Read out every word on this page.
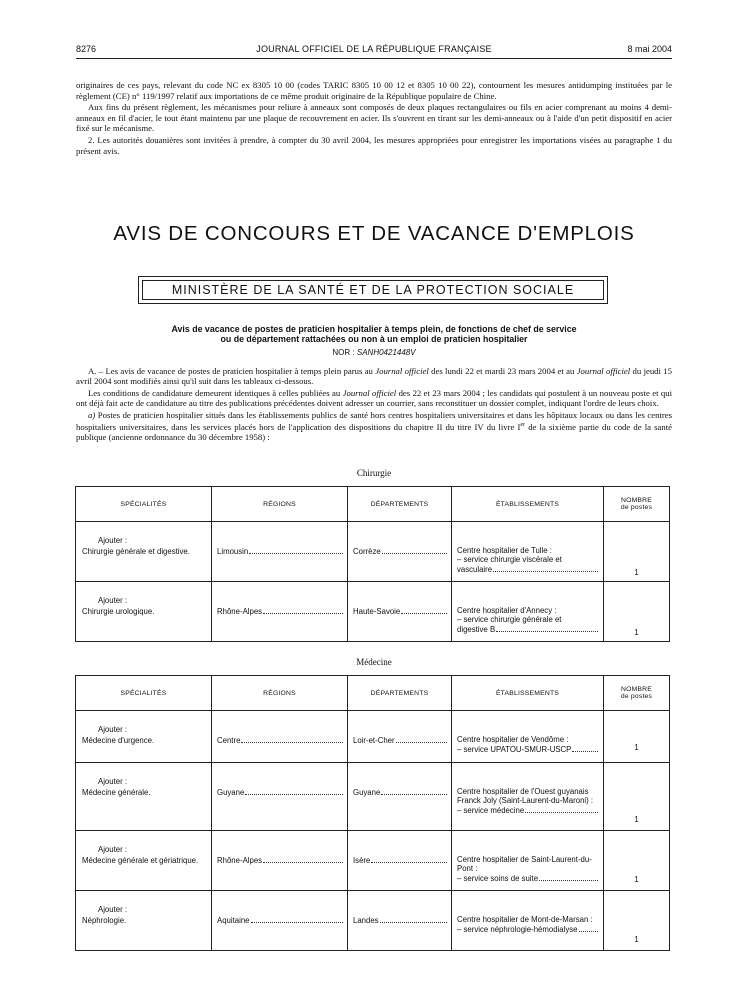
8276	JOURNAL OFFICIEL DE LA RÉPUBLIQUE FRANÇAISE	8 mai 2004

originaires de ces pays, relevant du code NC ex 8305 10 00 (codes TARIC 8305 10 00 12 et 8305 10 00 22), contournent les mesures antidumping instituées par le règlement (CE) n° 119/1997 relatif aux importations de ce même produit originaire de la République populaire de Chine.

Aux fins du présent règlement, les mécanismes pour reliure à anneaux sont composés de deux plaques rectangulaires ou fils en acier comprenant au moins 4 demi-anneaux en fil d'acier, le tout étant maintenu par une plaque de recouvrement en acier. Ils s'ouvrent en tirant sur les demi-anneaux ou à l'aide d'un petit dispositif en acier fixé sur le mécanisme.

2. Les autorités douanières sont invitées à prendre, à compter du 30 avril 2004, les mesures appropriées pour enregistrer les importations visées au paragraphe 1 du présent avis.

AVIS DE CONCOURS ET DE VACANCE D'EMPLOIS
MINISTÈRE DE LA SANTÉ ET DE LA PROTECTION SOCIALE
Avis de vacance de postes de praticien hospitalier à temps plein, de fonctions de chef de service
ou de département rattachées ou non à un emploi de praticien hospitalier
NOR : SANH0421448V

A. – Les avis de vacance de postes de praticien hospitalier à temps plein parus au Journal officiel des lundi 22 et mardi 23 mars 2004 et au Journal officiel du jeudi 15 avril 2004 sont modifiés ainsi qu'il suit dans les tableaux ci-dessous.

Les conditions de candidature demeurent identiques à celles publiées au Journal officiel des 22 et 23 mars 2004 ; les candidats qui postulent à un nouveau poste et qui ont déjà fait acte de candidature au titre des publications précédentes doivent adresser un courrier, sans reconstituer un dossier complet, indiquant l'ordre de leurs choix.

a) Postes de praticien hospitalier situés dans les établissements publics de santé hors centres hospitaliers universitaires et dans les hôpitaux locaux ou dans les centres hospitaliers universitaires, dans les services placés hors de l'application des dispositions du chapitre II du titre IV du livre Ier de la sixième partie du code de la santé publique (ancienne ordonnance du 30 décembre 1958) :

Chirurgie
SPÉCIALITÉS	RÉGIONS	DÉPARTEMENTS	ÉTABLISSEMENTS	NOMBRE
de postes

Ajouter :
Chirurgie générale et digestive.	Limousin	Corrèze	Centre hospitalier de Tulle :
– service chirurgie viscérale et
vasculaire	1

Ajouter :
Chirurgie urologique.	Rhône-Alpes	Haute-Savoie	Centre hospitalier d'Annecy :
– service chirurgie générale et
digestive B	1
Médecine
SPÉCIALITÉS	RÉGIONS	DÉPARTEMENTS	ÉTABLISSEMENTS	NOMBRE
de postes

Ajouter :
Médecine d'urgence.	Centre	Loir-et-Cher	Centre hospitalier de Vendôme :
– service UPATOU-SMUR-USCP	1

Ajouter :
Médecine générale.	Guyane	Guyane	Centre hospitalier de l'Ouest guyanais Franck Joly (Saint-Laurent-du-Maroni) :
– service médecine	1

Ajouter :
Médecine générale et gériatrique.	Rhône-Alpes	Isère	Centre hospitalier de Saint-Laurent-du-Pont :
– service soins de suite	1

Ajouter :
Néphrologie.	Aquitaine	Landes	Centre hospitalier de Mont-de-Marsan :
– service néphrologie-hémodialyse	1
